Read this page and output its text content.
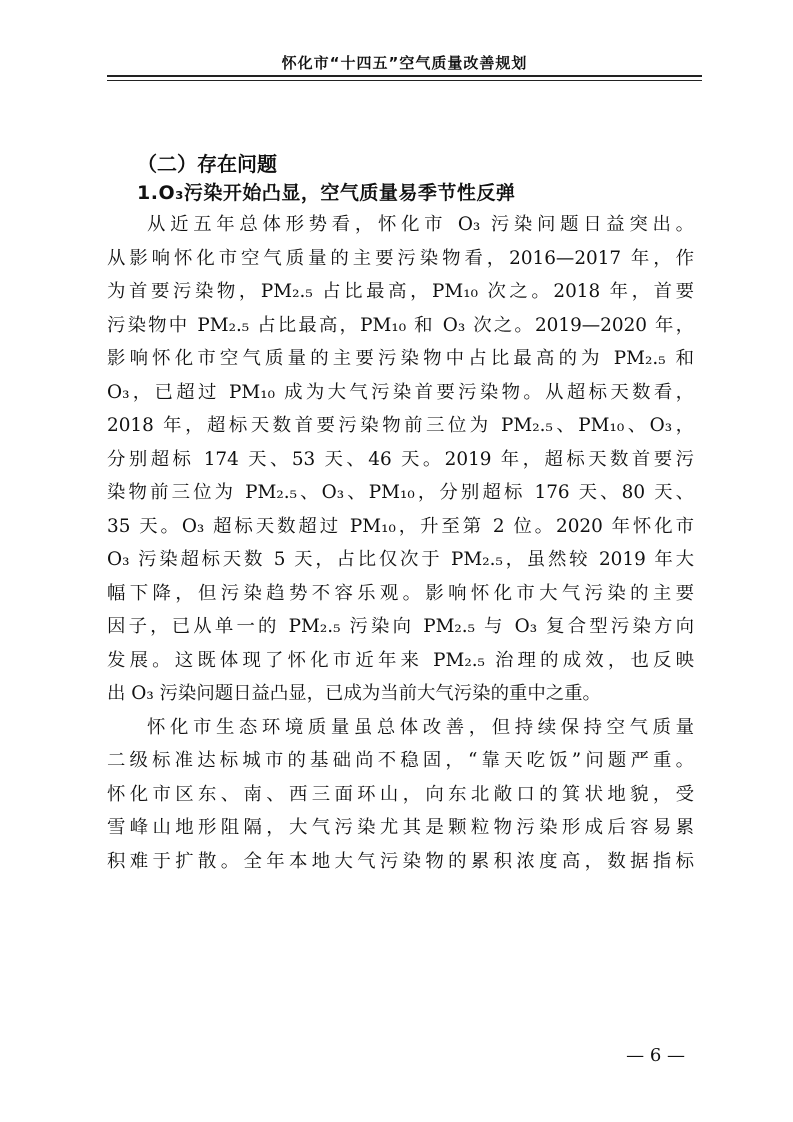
怀化市“十四五”空气质量改善规划

（二）存在问题

1.O₃污染开始凸显，空气质量易季节性反弹

从近五年总体形势看，怀化市 O₃ 污染问题日益突出。

从影响怀化市空气质量的主要污染物看，2016—2017 年，作

为首要污染物，PM₂.₅ 占比最高，PM₁₀ 次之。2018 年，首要

污染物中 PM₂.₅ 占比最高，PM₁₀ 和 O₃ 次之。2019—2020 年，

影响怀化市空气质量的主要污染物中占比最高的为 PM₂.₅ 和

O₃，已超过 PM₁₀ 成为大气污染首要污染物。从超标天数看，

2018 年，超标天数首要污染物前三位为 PM₂.₅、PM₁₀、O₃，

分别超标 174 天、53 天、46 天。2019 年，超标天数首要污

染物前三位为 PM₂.₅、O₃、PM₁₀，分别超标 176 天、80 天、

35 天。O₃ 超标天数超过 PM₁₀，升至第 2 位。2020 年怀化市

O₃ 污染超标天数 5 天，占比仅次于 PM₂.₅，虽然较 2019 年大

幅下降，但污染趋势不容乐观。影响怀化市大气污染的主要

因子，已从单一的 PM₂.₅ 污染向 PM₂.₅ 与 O₃ 复合型污染方向

发展。这既体现了怀化市近年来 PM₂.₅ 治理的成效，也反映

出 O₃ 污染问题日益凸显，已成为当前大气污染的重中之重。

怀化市生态环境质量虽总体改善，但持续保持空气质量

二级标准达标城市的基础尚不稳固，“靠天吃饭”问题严重。

怀化市区东、南、西三面环山，向东北敞口的箕状地貌，受

雪峰山地形阻隔，大气污染尤其是颗粒物污染形成后容易累

积难于扩散。全年本地大气污染物的累积浓度高，数据指标

— 6 —
